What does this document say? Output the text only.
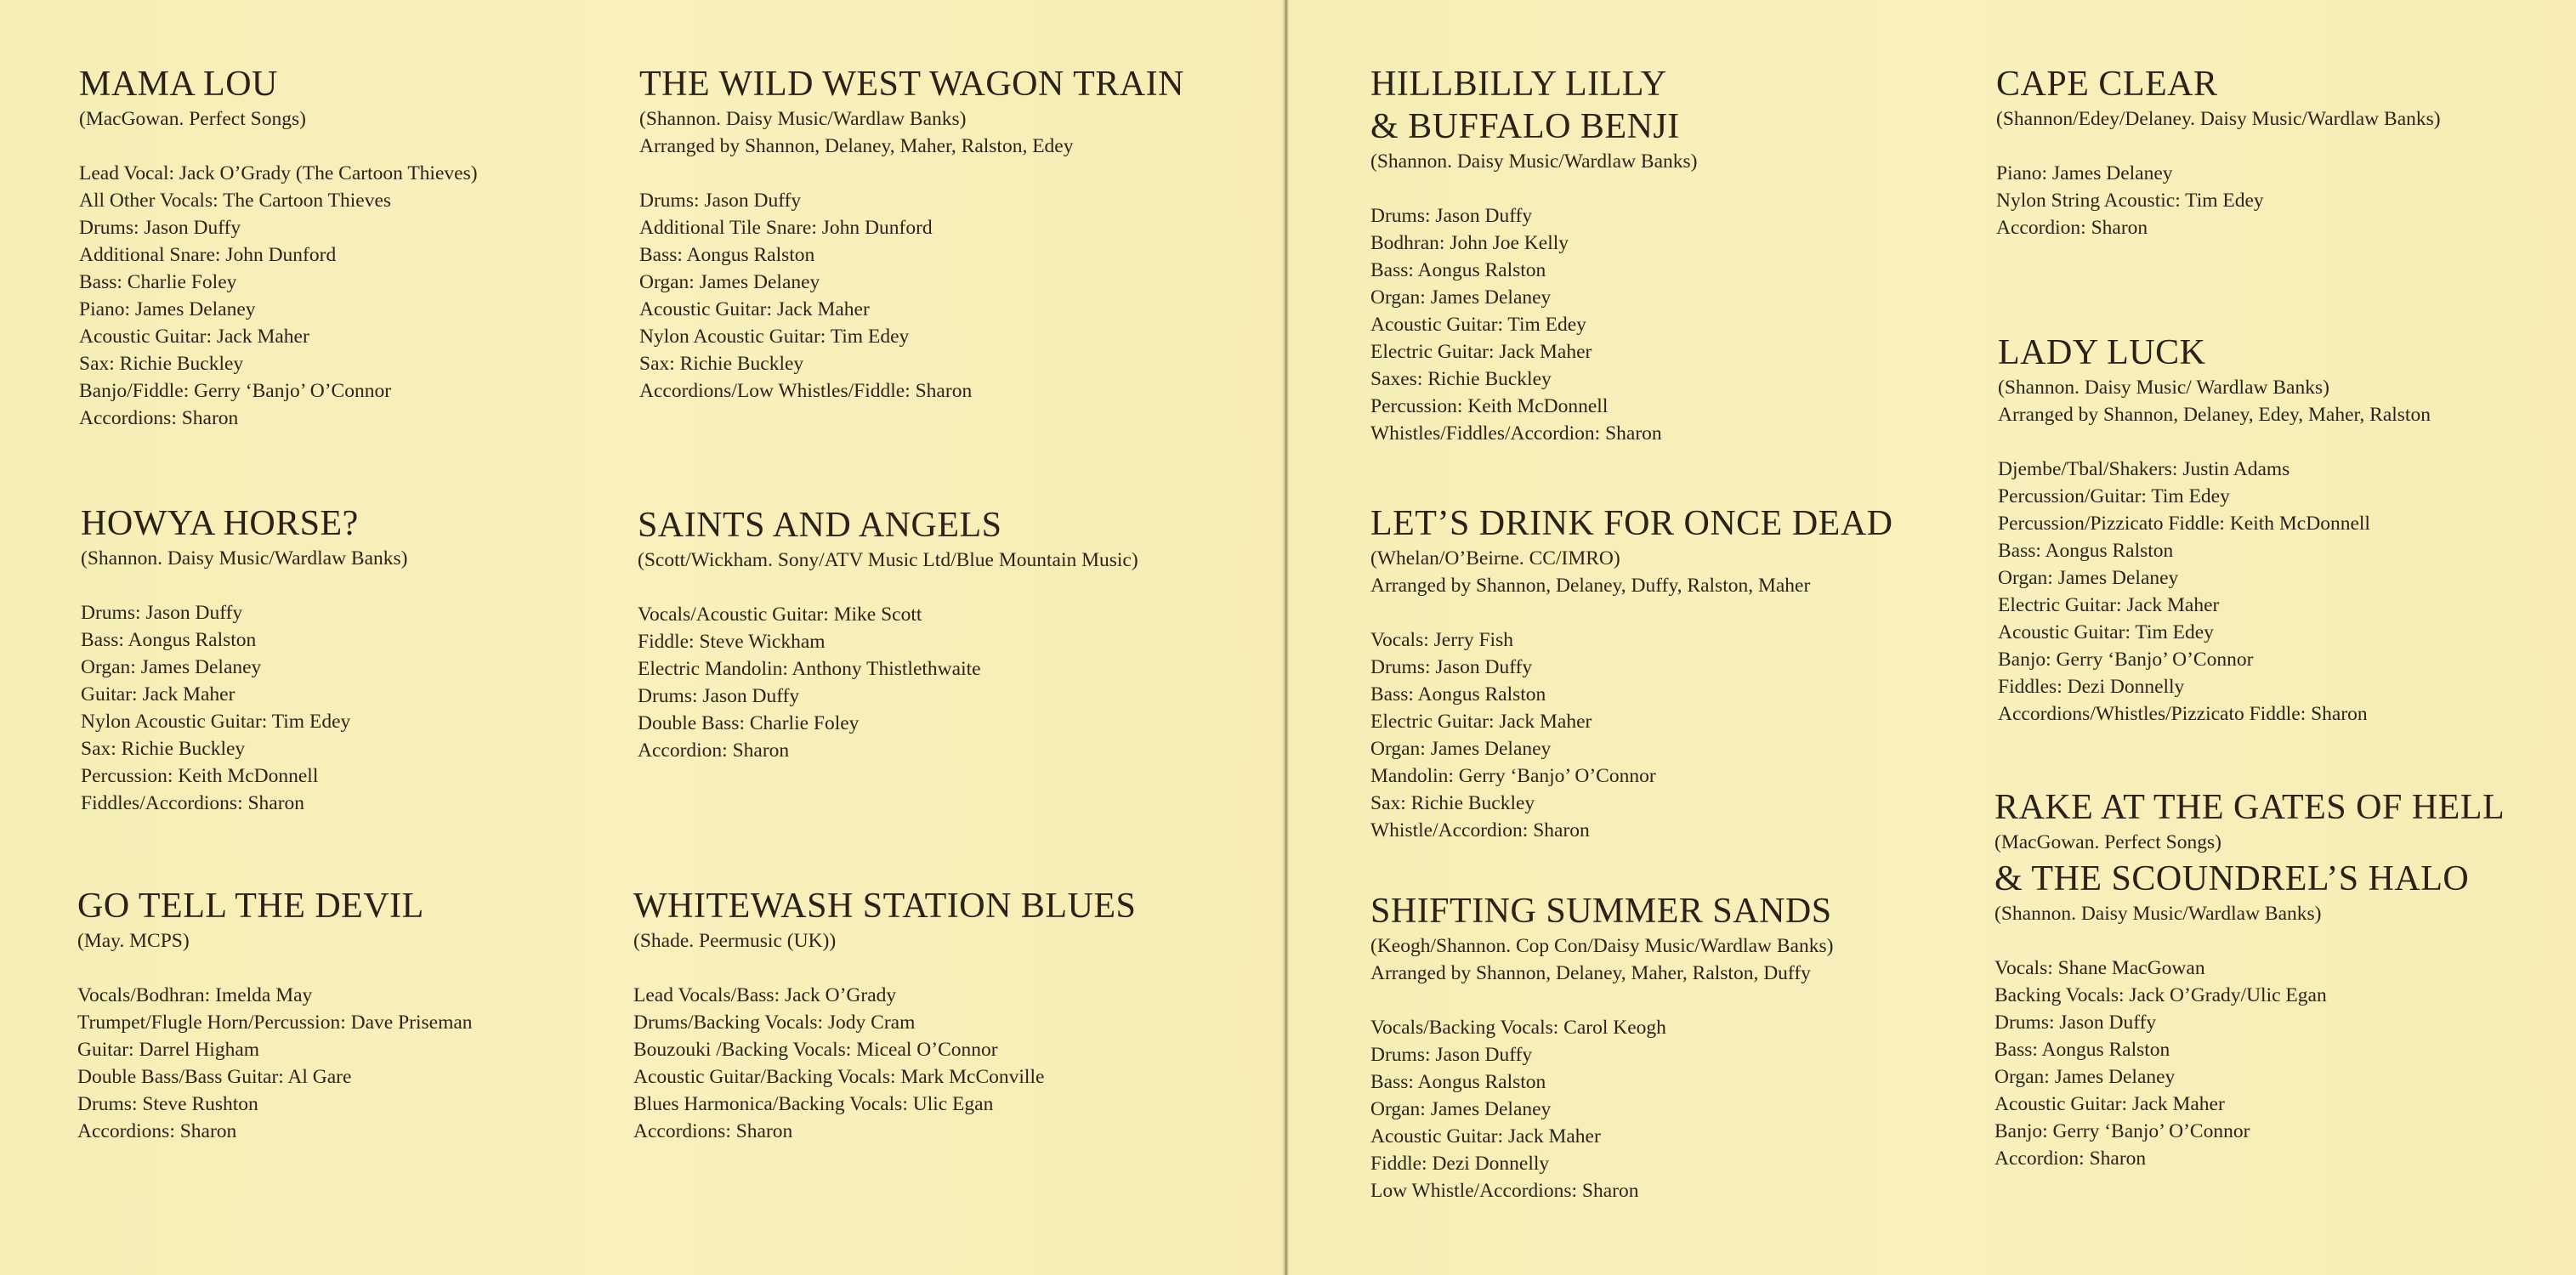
MAMA LOU
(MacGowan. Perfect Songs)
Lead Vocal: Jack O’Grady (The Cartoon Thieves)
All Other Vocals: The Cartoon Thieves
Drums: Jason Duffy
Additional Snare: John Dunford
Bass: Charlie Foley
Piano: James Delaney
Acoustic Guitar: Jack Maher
Sax: Richie Buckley
Banjo/Fiddle: Gerry ‘Banjo’ O’Connor
Accordions: Sharon
THE WILD WEST WAGON TRAIN
(Shannon. Daisy Music/Wardlaw Banks)
Arranged by Shannon, Delaney, Maher, Ralston, Edey
Drums: Jason Duffy
Additional Tile Snare: John Dunford
Bass: Aongus Ralston
Organ: James Delaney
Acoustic Guitar: Jack Maher
Nylon Acoustic Guitar: Tim Edey
Sax: Richie Buckley
Accordions/Low Whistles/Fiddle: Sharon
HOWYA HORSE?
(Shannon. Daisy Music/Wardlaw Banks)
Drums: Jason Duffy
Bass: Aongus Ralston
Organ: James Delaney
Guitar: Jack Maher
Nylon Acoustic Guitar: Tim Edey
Sax: Richie Buckley
Percussion: Keith McDonnell
Fiddles/Accordions: Sharon
SAINTS AND ANGELS
(Scott/Wickham. Sony/ATV Music Ltd/Blue Mountain Music)
Vocals/Acoustic Guitar: Mike Scott
Fiddle: Steve Wickham
Electric Mandolin: Anthony Thistlethwaite
Drums: Jason Duffy
Double Bass: Charlie Foley
Accordion: Sharon
GO TELL THE DEVIL
(May. MCPS)
Vocals/Bodhran: Imelda May
Trumpet/Flugle Horn/Percussion: Dave Priseman
Guitar: Darrel Higham
Double Bass/Bass Guitar: Al Gare
Drums: Steve Rushton
Accordions: Sharon
WHITEWASH STATION BLUES
(Shade. Peermusic (UK))
Lead Vocals/Bass: Jack O’Grady
Drums/Backing Vocals: Jody Cram
Bouzouki /Backing Vocals: Miceal O’Connor
Acoustic Guitar/Backing Vocals: Mark McConville
Blues Harmonica/Backing Vocals: Ulic Egan
Accordions: Sharon
HILLBILLY LILLY
& BUFFALO BENJI
(Shannon. Daisy Music/Wardlaw Banks)
Drums: Jason Duffy
Bodhran: John Joe Kelly
Bass: Aongus Ralston
Organ: James Delaney
Acoustic Guitar: Tim Edey
Electric Guitar: Jack Maher
Saxes: Richie Buckley
Percussion: Keith McDonnell
Whistles/Fiddles/Accordion: Sharon
CAPE CLEAR
(Shannon/Edey/Delaney. Daisy Music/Wardlaw Banks)
Piano: James Delaney
Nylon String Acoustic: Tim Edey
Accordion: Sharon
LET’S DRINK FOR ONCE DEAD
(Whelan/O’Beirne. CC/IMRO)
Arranged by Shannon, Delaney, Duffy, Ralston, Maher
Vocals: Jerry Fish
Drums: Jason Duffy
Bass: Aongus Ralston
Electric Guitar: Jack Maher
Organ: James Delaney
Mandolin: Gerry ‘Banjo’ O’Connor
Sax: Richie Buckley
Whistle/Accordion: Sharon
LADY LUCK
(Shannon. Daisy Music/ Wardlaw Banks)
Arranged by Shannon, Delaney, Edey, Maher, Ralston
Djembe/Tbal/Shakers: Justin Adams
Percussion/Guitar: Tim Edey
Percussion/Pizzicato Fiddle: Keith McDonnell
Bass: Aongus Ralston
Organ: James Delaney
Electric Guitar: Jack Maher
Acoustic Guitar: Tim Edey
Banjo: Gerry ‘Banjo’ O’Connor
Fiddles: Dezi Donnelly
Accordions/Whistles/Pizzicato Fiddle: Sharon
SHIFTING SUMMER SANDS
(Keogh/Shannon. Cop Con/Daisy Music/Wardlaw Banks) Arranged by Shannon, Delaney, Maher, Ralston, Duffy
Vocals/Backing Vocals: Carol Keogh
Drums: Jason Duffy
Bass: Aongus Ralston
Organ: James Delaney
Acoustic Guitar: Jack Maher
Fiddle: Dezi Donnelly
Low Whistle/Accordions: Sharon
RAKE AT THE GATES OF HELL
(MacGowan. Perfect Songs)
& THE SCOUNDREL’S HALO
(Shannon. Daisy Music/Wardlaw Banks)
Vocals: Shane MacGowan
Backing Vocals: Jack O’Grady/Ulic Egan
Drums: Jason Duffy
Bass: Aongus Ralston
Organ: James Delaney
Acoustic Guitar: Jack Maher
Banjo: Gerry ‘Banjo’ O’Connor
Accordion: Sharon
